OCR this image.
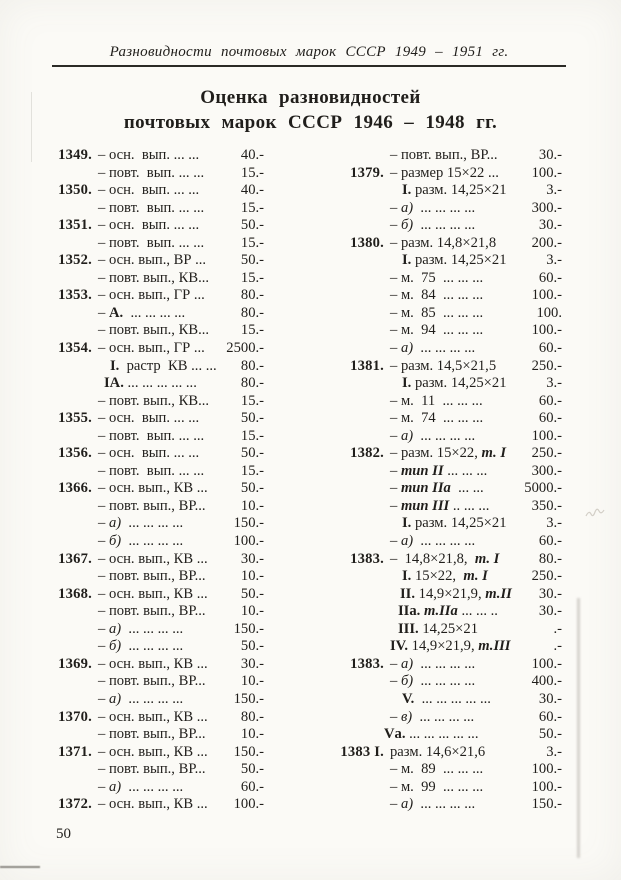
Разновидности почтовых марок СССР 1949 – 1951 гг.
Оценка разновидностей
почтовых марок СССР 1946 – 1948 гг.
1349. – осн.  вып. ... ...	40.-
– повт.  вып. ... ...	15.-
1350. – осн.  вып. ... ...	40.-
– повт.  вып. ... ...	15.-
1351. – осн.  вып. ... ...	50.-
– повт.  вып. ... ...	15.-
1352. – осн. вып., ВР ...	50.-
– повт. вып., КВ...	15.-
1353. – осн. вып., ГР ...	80.-
– А.  ... ... ... ...	80.-
– повт. вып., КВ...	15.-
1354. – осн. вып., ГР ...	2500.-
I.  растр  КВ ... ...	80.-
IА. ... ... ... ... ...	80.-
– повт. вып., КВ...	15.-
1355. – осн.  вып. ... ...	50.-
– повт.  вып. ... ...	15.-
1356. – осн.  вып. ... ...	50.-
– повт.  вып. ... ...	15.-
1366. – осн. вып., КВ ...	50.-
– повт. вып., ВР...	10.-
– а)  ... ... ... ...	150.-
– б)  ... ... ... ...	100.-
1367. – осн. вып., КВ ...	30.-
– повт. вып., ВР...	10.-
1368. – осн. вып., КВ ...	50.-
– повт. вып., ВР...	10.-
– а)  ... ... ... ...	150.-
– б)  ... ... ... ...	50.-
1369. – осн. вып., КВ ...	30.-
– повт. вып., ВР...	10.-
– а)  ... ... ... ...	150.-
1370. – осн. вып., КВ ...	80.-
– повт. вып., ВР...	10.-
1371. – осн. вып., КВ ...	150.-
– повт. вып., ВР...	50.-
– а)  ... ... ... ...	60.-
1372. – осн. вып., КВ ...	100.-
– повт. вып., ВР...	30.-
1379. – размер 15×22 ...	100.-
I. разм. 14,25×21	3.-
– а)  ... ... ... ...	300.-
– б)  ... ... ... ...	30.-
1380. – разм. 14,8×21,8	200.-
I. разм. 14,25×21	3.-
– м.  75  ... ... ...	60.-
– м.  84  ... ... ...	100.-
– м.  85  ... ... ...	100.
– м.  94  ... ... ...	100.-
– а)  ... ... ... ...	60.-
1381. – разм. 14,5×21,5	250.-
I. разм. 14,25×21	3.-
– м.  11  ... ... ...	60.-
– м.  74  ... ... ...	60.-
– а)  ... ... ... ...	100.-
1382. – разм. 15×22, т. I	250.-
– тип II ... ... ...	300.-
– тип IIа  ... ...	5000.-
– тип III .. ... ...	350.-
I. разм. 14,25×21	3.-
– а)  ... ... ... ...	60.-
1383. –  14,8×21,8,  т. I	80.-
I. 15×22,  т. I	250.-
II. 14,9×21,9, т.II	30.-
IIа. т.IIа ... ... ..	30.-
III. 14,25×21	.-
IV. 14,9×21,9, т.III	.-
1383. – а)  ... ... ... ...	100.-
– б)  ... ... ... ...	400.-
V.  ... ... ... ... ...	30.-
– в)  ... ... ... ...	60.-
Vа. ... ... ... ... ...	50.-
1383 I. разм. 14,6×21,6	3.-
– м.  89  ... ... ...	100.-
– м.  99  ... ... ...	100.-
– а)  ... ... ... ...	150.-
50
